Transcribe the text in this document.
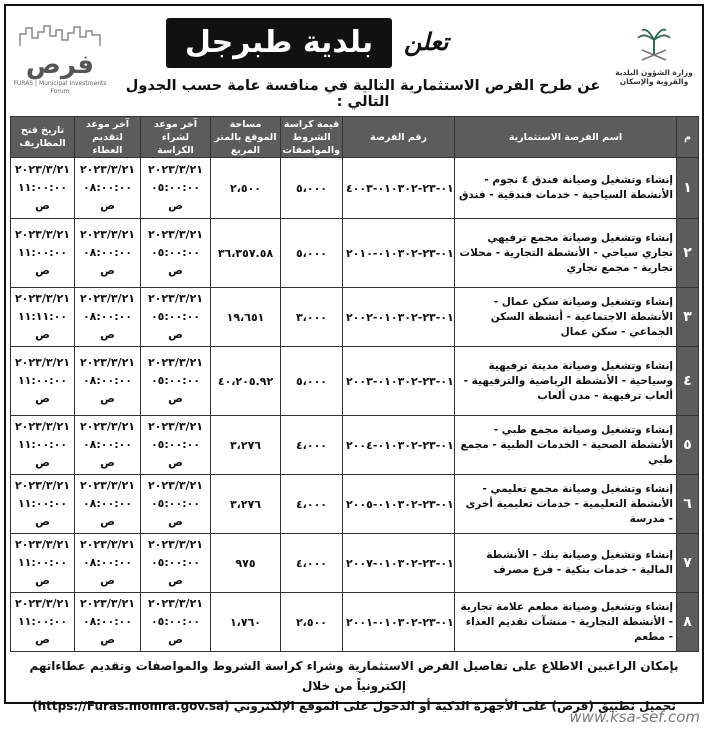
فرص
FURAS | Municipal Investments Forum
تعلن
بلدية طبرجل
وزارة الشؤون البلدية
والقروية والإسكان
عن طرح الفرص الاستثمارية التالية في منافسة عامة حسب الجدول التالي :
م	اسم الفرصة الاستثمارية	رقم الفرصة	قيمة كراسة الشروط والمواصفات	مساحة الموقع بالمتر المربع	آخر موعد لشراء الكراسة	آخر موعد لتقديم العطاء	تاريخ فتح المظاريف
١	إنشاء وتشغيل وصيانة فندق ٤ نجوم - الأنشطة السياحية - خدمات فندقية - فندق	٠١-٢٣-٠١٠٣٠٢-٤٠٠٣	٥،٠٠٠	٢،٥٠٠	٢٠٢٣/٣/٢١ ٠٥:٠٠:٠٠ ص	٢٠٢٣/٣/٢١ ٠٨:٠٠:٠٠ ص	٢٠٢٣/٣/٢١ ١١:٠٠:٠٠ ص
٢	إنشاء وتشغيل وصيانة مجمع ترفيهي تجاري سياحي - الأنشطة التجارية - محلات تجارية - مجمع تجاري	٠١-٢٣-٠١٠٣٠٢-٢٠١٠	٥،٠٠٠	٣٦،٣٥٧.٥٨	٢٠٢٣/٣/٢١ ٠٥:٠٠:٠٠ ص	٢٠٢٣/٣/٢١ ٠٨:٠٠:٠٠ ص	٢٠٢٣/٣/٢١ ١١:٠٠:٠٠ ص
٣	إنشاء وتشغيل وصيانة سكن عمال - الأنشطة الاجتماعية - أنشطة السكن الجماعي - سكن عمال	٠١-٢٣-٠١٠٣٠٢-٢٠٠٢	٣،٠٠٠	١٩،٦٥١	٢٠٢٣/٣/٢١ ٠٥:٠٠:٠٠ ص	٢٠٢٣/٣/٢١ ٠٨:٠٠:٠٠ ص	٢٠٢٣/٣/٢١ ١١:١١:٠٠ ص
٤	إنشاء وتشغيل وصيانة مدينة ترفيهية وسياحية - الأنشطة الرياضية والترفيهية - ألعاب ترفيهية - مدن ألعاب	٠١-٢٣-٠١٠٣٠٢-٢٠٠٣	٥،٠٠٠	٤٠،٢٠٥.٩٢	٢٠٢٣/٣/٢١ ٠٥:٠٠:٠٠ ص	٢٠٢٣/٣/٢١ ٠٨:٠٠:٠٠ ص	٢٠٢٣/٣/٢١ ١١:٠٠:٠٠ ص
٥	إنشاء وتشغيل وصيانة مجمع طبي - الأنشطة الصحية - الخدمات الطبية - مجمع طبي	٠١-٢٣-٠١٠٣٠٢-٢٠٠٤	٤،٠٠٠	٣،٢٧٦	٢٠٢٣/٣/٢١ ٠٥:٠٠:٠٠ ص	٢٠٢٣/٣/٢١ ٠٨:٠٠:٠٠ ص	٢٠٢٣/٣/٢١ ١١:٠٠:٠٠ ص
٦	إنشاء وتشغيل وصيانة مجمع تعليمي - الأنشطة التعليمية - خدمات تعليمية أخرى - مدرسة	٠١-٢٣-٠١٠٣٠٢-٢٠٠٥	٤،٠٠٠	٣،٢٧٦	٢٠٢٣/٣/٢١ ٠٥:٠٠:٠٠ ص	٢٠٢٣/٣/٢١ ٠٨:٠٠:٠٠ ص	٢٠٢٣/٣/٢١ ١١:٠٠:٠٠ ص
٧	إنشاء وتشغيل وصيانة بنك - الأنشطة المالية - خدمات بنكية - فرع مصرف	٠١-٢٣-٠١٠٣٠٢-٢٠٠٧	٤،٠٠٠	٩٧٥	٢٠٢٣/٣/٢١ ٠٥:٠٠:٠٠ ص	٢٠٢٣/٣/٢١ ٠٨:٠٠:٠٠ ص	٢٠٢٣/٣/٢١ ١١:٠٠:٠٠ ص
٨	إنشاء وتشغيل وصيانة مطعم علامة تجارية - الأنشطة التجارية - منشآت تقديم الغذاء - مطعم	٠١-٢٣-٠١٠٣٠٢-٢٠٠١	٢،٥٠٠	١،٧٦٠	٢٠٢٣/٣/٢١ ٠٥:٠٠:٠٠ ص	٢٠٢٣/٣/٢١ ٠٨:٠٠:٠٠ ص	٢٠٢٣/٣/٢١ ١١:٠٠:٠٠ ص
بإمكان الراغبين الاطلاع على تفاصيل الفرص الاستثمارية وشراء كراسة الشروط والمواصفات وتقديم عطاءاتهم إلكترونياً من خلال
تحميل تطبيق (فرص) على الأجهزة الذكية أو الدخول على الموقع الإلكتروني (https://Furas.momra.gov.sa)
www.ksa-sef.com
